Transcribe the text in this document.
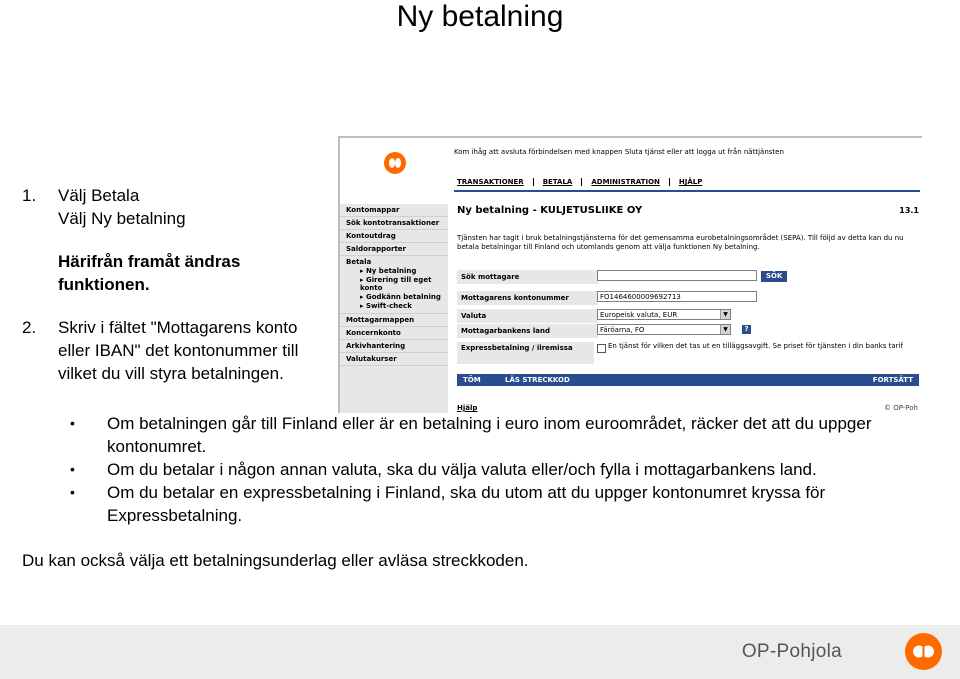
Ny betalning
1.	Välj Betala
Välj Ny betalning
Härifrån framåt ändras
funktionen.
2.	Skriv i fältet "Mottagarens konto
eller IBAN" det kontonummer till
vilket du vill styra betalningen.
•	Om betalningen går till Finland eller är en betalning i euro inom euroområdet, räcker det att du uppger kontonumret.
•	Om du betalar i någon annan valuta, ska du välja valuta eller/och fylla i mottagarbankens land.
•	Om du betalar en expressbetalning i Finland, ska du utom att du uppger kontonumret kryssa för Expressbetalning.
Du kan också välja ett betalningsunderlag eller avläsa streckkoden.
OP-Pohjola
Kom ihåg att avsluta förbindelsen med knappen Sluta tjänst eller att logga ut från nättjänsten
TRANSAKTIONER	BETALA	ADMINISTRATION	HJÄLP
Kontomappar
Sök kontotransaktioner
Kontoutdrag
Saldorapporter
Betala
▸ Ny betalning
▸ Girering till eget konto
▸ Godkänn betalning
▸ Swift-check
Mottagarmappen
Koncernkonto
Arkivhantering
Valutakurser
Ny betalning - KULJETUSLIIKE OY	13.1
Tjänsten har tagit i bruk betalningstjänsterna för det gemensamma eurobetalningsområdet (SEPA). Till följd av detta kan du nu betala betalningar till Finland och utomlands genom att välja funktionen Ny betalning.
Sök mottagare	SÖK
Mottagarens kontonummer	FO1464600009692713
Valuta	Europeisk valuta, EUR	▼
Mottagarbankens land	Färöarna, FO	▼	?
Expressbetalning / ilremissa	En tjänst för vilken det tas ut en tilläggsavgift. Se priset för tjänsten i din banks tarif
TÖM	LÄS STRECKKOD	FORTSÄTT
Hjälp	© OP-Poh
